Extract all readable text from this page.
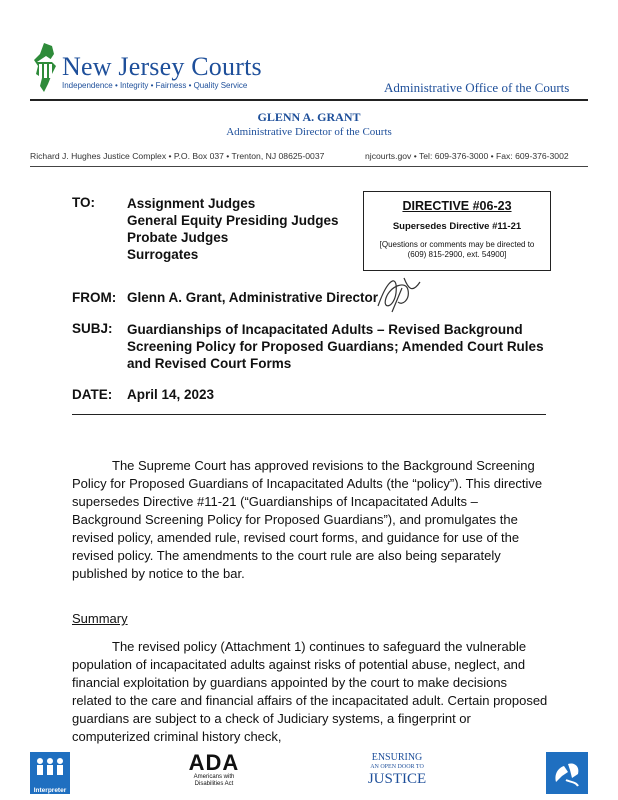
New Jersey Courts
Independence • Integrity • Fairness • Quality Service	Administrative Office of the Courts
GLENN A. GRANT
Administrative Director of the Courts
Richard J. Hughes Justice Complex • P.O. Box 037 • Trenton, NJ 08625-0037	njcourts.gov • Tel: 609-376-3000 • Fax: 609-376-3002
TO: Assignment Judges
General Equity Presiding Judges
Probate Judges
Surrogates
DIRECTIVE #06-23
Supersedes Directive #11-21
[Questions or comments may be directed to (609) 815-2900, ext. 54900]
FROM: Glenn A. Grant, Administrative Director
SUBJ: Guardianships of Incapacitated Adults – Revised Background Screening Policy for Proposed Guardians; Amended Court Rules and Revised Court Forms
DATE: April 14, 2023
The Supreme Court has approved revisions to the Background Screening Policy for Proposed Guardians of Incapacitated Adults (the “policy”). This directive supersedes Directive #11-21 (“Guardianships of Incapacitated Adults – Background Screening Policy for Proposed Guardians”), and promulgates the revised policy, amended rule, revised court forms, and guidance for use of the revised policy. The amendments to the court rule are also being separately published by notice to the bar.
Summary
The revised policy (Attachment 1) continues to safeguard the vulnerable population of incapacitated adults against risks of potential abuse, neglect, and financial exploitation by guardians appointed by the court to make decisions related to the care and financial affairs of the incapacitated adult. Certain proposed guardians are subject to a check of Judiciary systems, a fingerprint or computerized criminal history check,
Interpreter
ADA
Americans with
Disabilities Act
ENSURING
AN OPEN DOOR TO
JUSTICE
